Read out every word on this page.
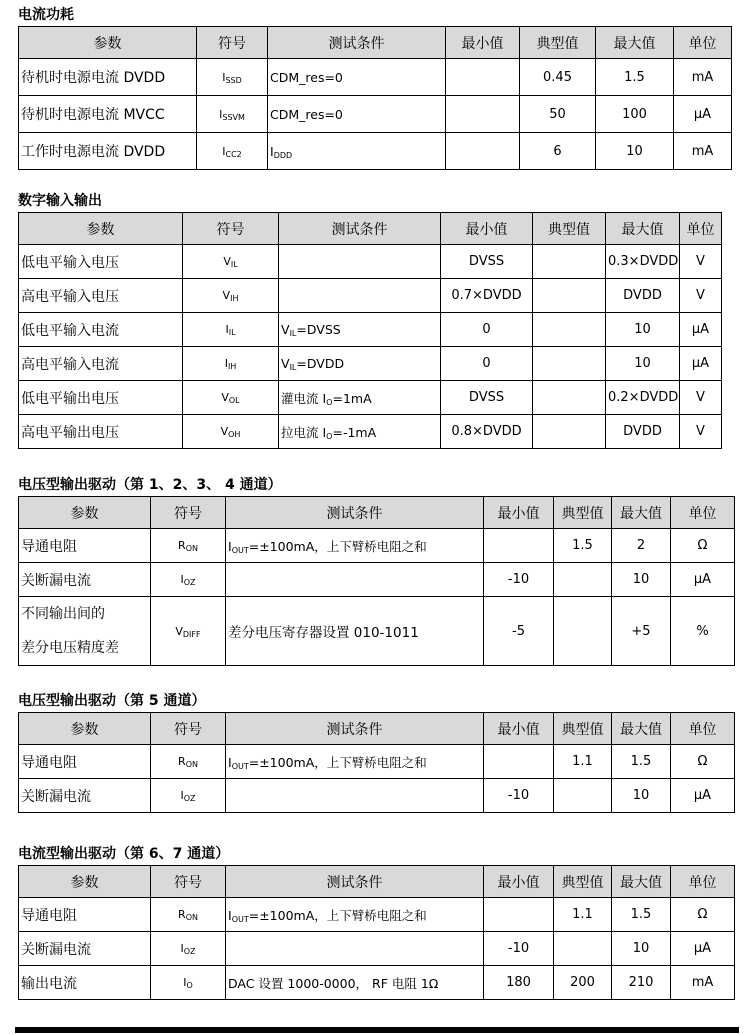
电流功耗
参数	符号	测试条件	最小值	典型值	最大值	单位
待机时电源电流 DVDD	$I_{SSD}$	CDM_res=0		0.45	1.5	mA
待机时电源电流 MVCC	$I_{SSVM}$	CDM_res=0		50	100	μA
工作时电源电流 DVDD	$I_{CC2}$	$I_{DDD}$		6	10	mA
数字输入输出
参数	符号	测试条件	最小值	典型值	最大值	单位
低电平输入电压	$V_{IL}$		DVSS		0.3×DVDD	V
高电平输入电压	$V_{IH}$		0.7×DVDD		DVDD	V
低电平输入电流	$I_{IL}$	$V_{IL}=DVSS$	0		10	μA
高电平输入电流	$I_{IH}$	$V_{IL}=DVDD$	0		10	μA
低电平输出电压	$V_{OL}$	灌电流 $I_O=1mA$	DVSS		0.2×DVDD	V
高电平输出电压	$V_{OH}$	拉电流 $I_O=-1mA$	0.8×DVDD		DVDD	V
电压型输出驱动（第 1、2、3、 4 通道）
参数	符号	测试条件	最小值	典型值	最大值	单位
导通电阻	$R_{ON}$	$I_{OUT}=\pm 100mA$，上下臂桥电阻之和		1.5	2	Ω
关断漏电流	$I_{OZ}$		-10		10	μA

不同输出间的
差分电压精度差	$V_{DIFF}$	差分电压寄存器设置 010-1011	-5		+5	%
电压型输出驱动（第 5 通道）
参数	符号	测试条件	最小值	典型值	最大值	单位
导通电阻	$R_{ON}$	$I_{OUT}=\pm 100mA$，上下臂桥电阻之和		1.1	1.5	Ω
关断漏电流	$I_{OZ}$		-10		10	μA
电流型输出驱动（第 6、7 通道）
参数	符号	测试条件	最小值	典型值	最大值	单位
导通电阻	$R_{ON}$	$I_{OUT}=\pm 100mA$，上下臂桥电阻之和		1.1	1.5	Ω
关断漏电流	$I_{OZ}$		-10		10	μA
输出电流	$I_O$	DAC 设置 1000-0000， RF 电阻 1Ω	180	200	210	mA
